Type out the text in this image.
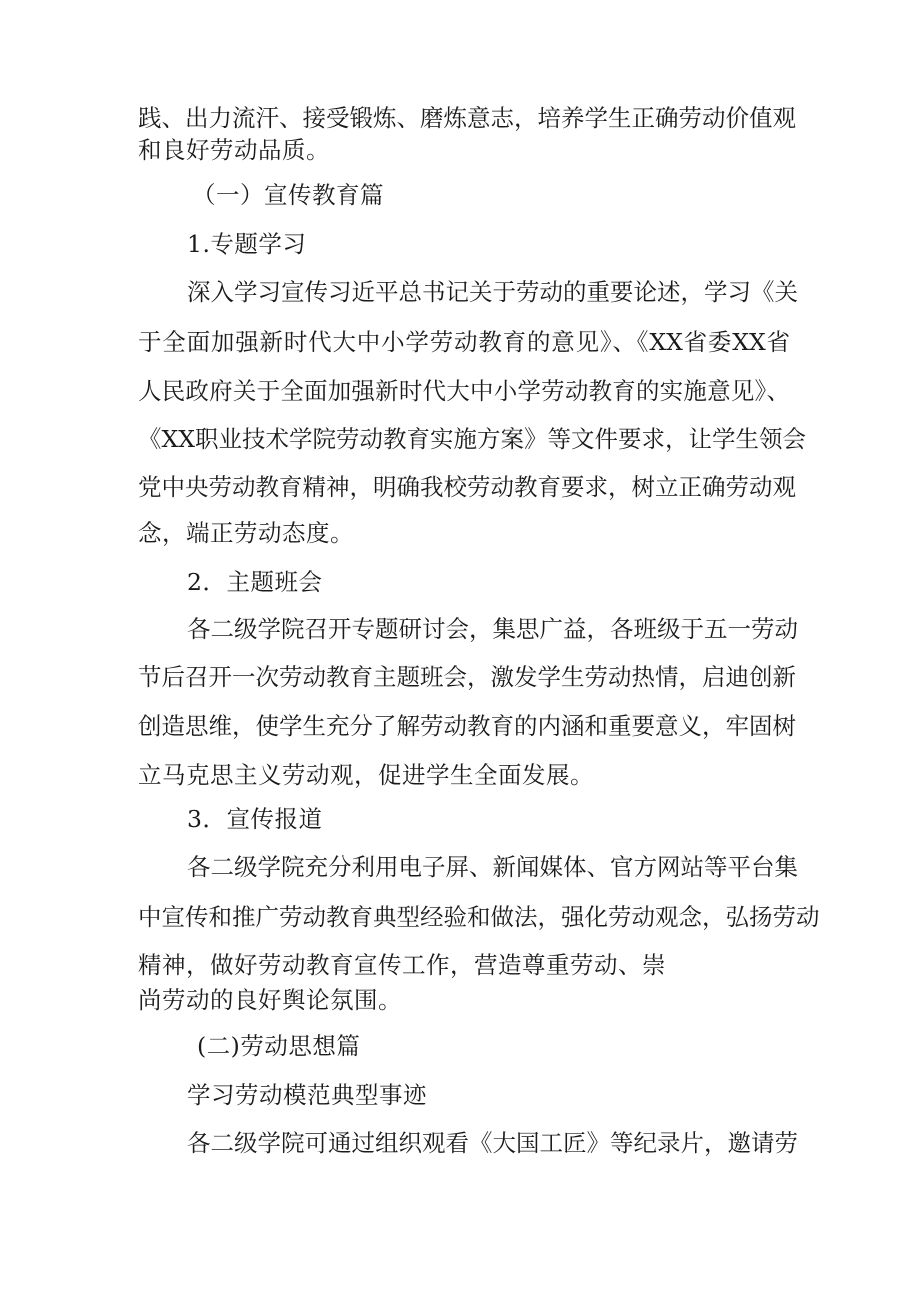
践、出力流汗、接受锻炼、磨炼意志，培养学生正确劳动价值观
和良好劳动品质。
（一）宣传教育篇
1.专题学习
深入学习宣传习近平总书记关于劳动的重要论述，学习《关
于全面加强新时代大中小学劳动教育的意见》、《XX省委XX省
人民政府关于全面加强新时代大中小学劳动教育的实施意见》、
《XX职业技术学院劳动教育实施方案》等文件要求，让学生领会
党中央劳动教育精神，明确我校劳动教育要求，树立正确劳动观
念，端正劳动态度。
2．主题班会
各二级学院召开专题研讨会，集思广益，各班级于五一劳动
节后召开一次劳动教育主题班会，激发学生劳动热情，启迪创新
创造思维，使学生充分了解劳动教育的内涵和重要意义，牢固树
立马克思主义劳动观，促进学生全面发展。
3．宣传报道
各二级学院充分利用电子屏、新闻媒体、官方网站等平台集
中宣传和推广劳动教育典型经验和做法，强化劳动观念，弘扬劳动
精神，做好劳动教育宣传工作，营造尊重劳动、崇
尚劳动的良好舆论氛围。
(二)劳动思想篇
学习劳动模范典型事迹
各二级学院可通过组织观看《大国工匠》等纪录片，邀请劳
